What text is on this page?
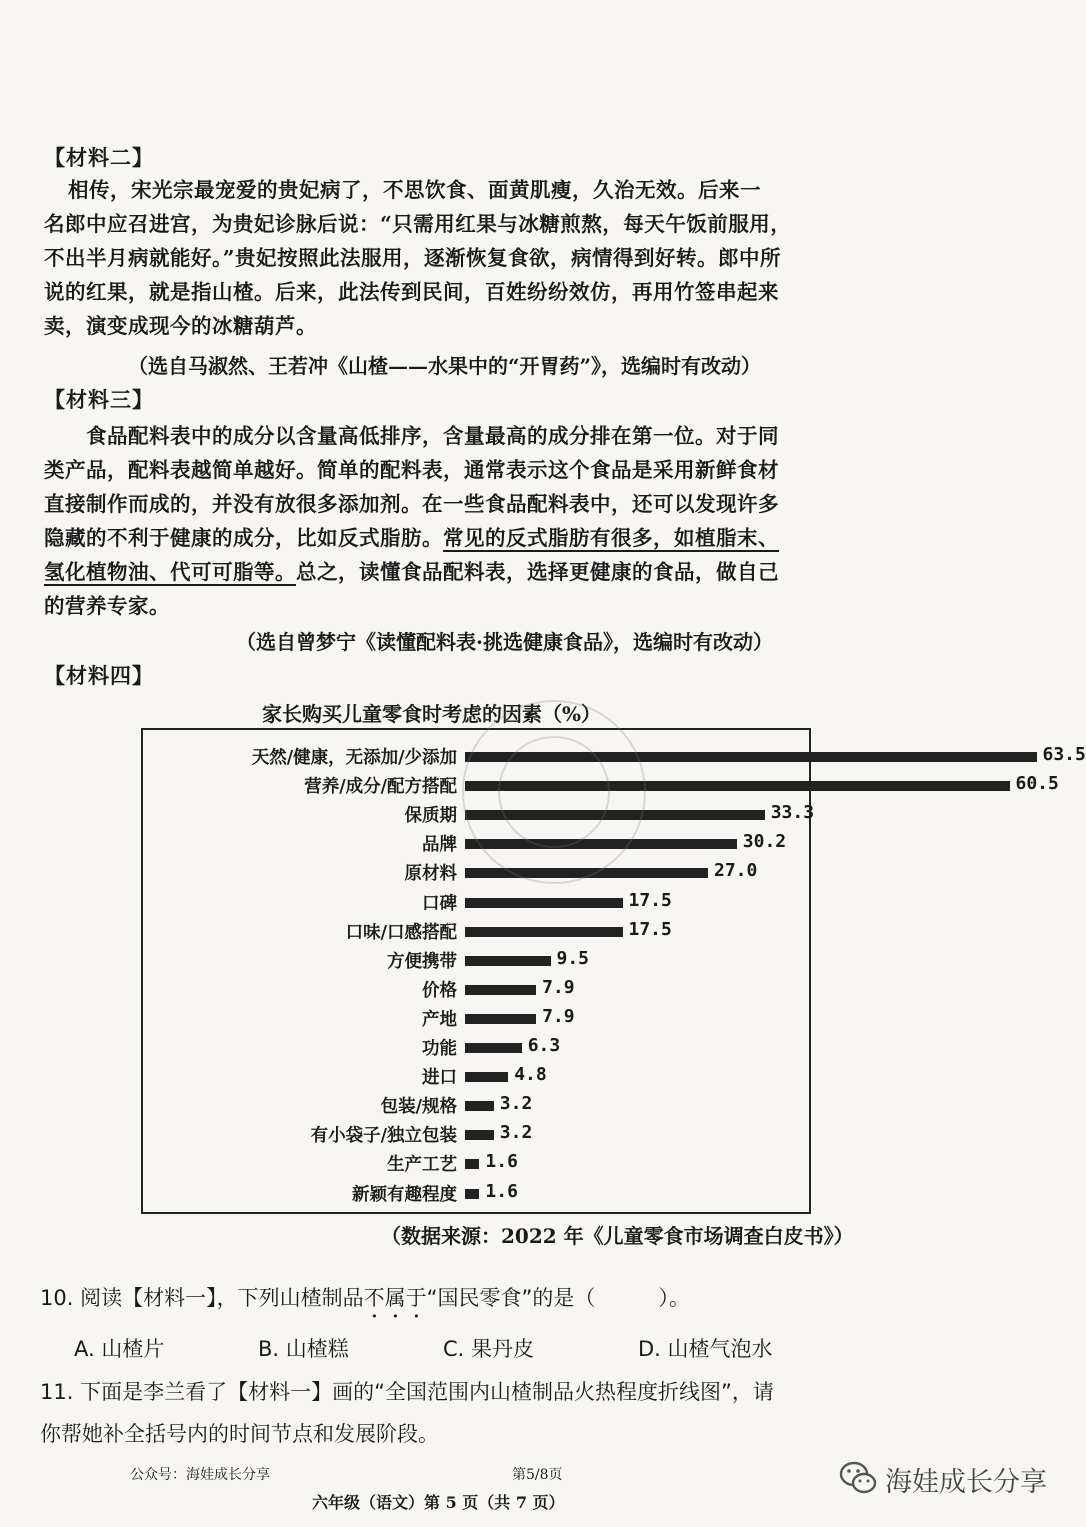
【材料二】
相传，宋光宗最宠爱的贵妃病了，不思饮食、面黄肌瘦，久治无效。后来一
名郎中应召进宫，为贵妃诊脉后说：“只需用红果与冰糖煎熬，每天午饭前服用，
不出半月病就能好。”贵妃按照此法服用，逐渐恢复食欲，病情得到好转。郎中所
说的红果，就是指山楂。后来，此法传到民间，百姓纷纷效仿，再用竹签串起来
卖，演变成现今的冰糖葫芦。
（选自马淑然、王若冲《山楂——水果中的“开胃药”》，选编时有改动）
【材料三】
食品配料表中的成分以含量高低排序，含量最高的成分排在第一位。对于同
类产品，配料表越简单越好。简单的配料表，通常表示这个食品是采用新鲜食材
直接制作而成的，并没有放很多添加剂。在一些食品配料表中，还可以发现许多
隐藏的不利于健康的成分，比如反式脂肪。常见的反式脂肪有很多，如植脂末、
氢化植物油、代可可脂等。总之，读懂食品配料表，选择更健康的食品，做自己
的营养专家。
（选自曾梦宁《读懂配料表·挑选健康食品》，选编时有改动）
【材料四】
家长购买儿童零食时考虑的因素（%）
天然/健康，无添加/少添加	63.5
营养/成分/配方搭配	60.5
保质期	33.3
品牌	30.2
原材料	27.0
口碑	17.5
口味/口感搭配	17.5
方便携带	9.5
价格	7.9
产地	7.9
功能	6.3
进口	4.8
包装/规格 3.2
有小袋子/独立包装 3.2
生产工艺 1.6
新颖有趣程度 1.6
（数据来源：2022 年《儿童零食市场调查白皮书》）
10. 阅读【材料一】，下列山楂制品不属于“国民零食”的是（　　　）。
A. 山楂片	B. 山楂糕	C. 果丹皮	D. 山楂气泡水
11. 下面是李兰看了【材料一】画的“全国范围内山楂制品火热程度折线图”，请
你帮她补全括号内的时间节点和发展阶段。
公众号：海娃成长分享	第5/8页
六年级（语文）第 5 页（共 7 页）
海娃成长分享
